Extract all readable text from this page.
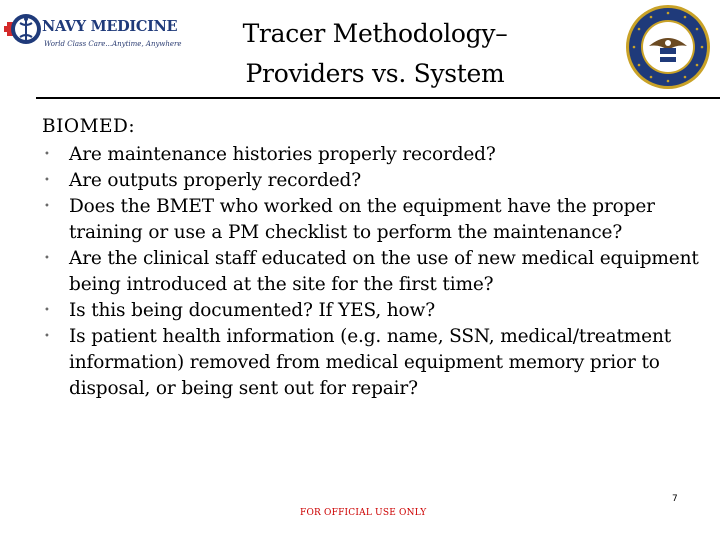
NAVY MEDICINE
World Class Care...Anytime, Anywhere	Tracer Methodology–
Providers vs. System
BIOMED:
• Are maintenance histories properly recorded?
• Are outputs properly recorded?
• Does the BMET who worked on the equipment have the proper training or use a PM checklist to perform the maintenance?
• Are the clinical staff educated on the use of new medical equipment being introduced at the site for the first time?
• Is this being documented? If YES, how?
• Is patient health information (e.g. name, SSN, medical/treatment information) removed from medical equipment memory prior to disposal, or being sent out for repair?
FOR OFFICIAL USE ONLY
7
